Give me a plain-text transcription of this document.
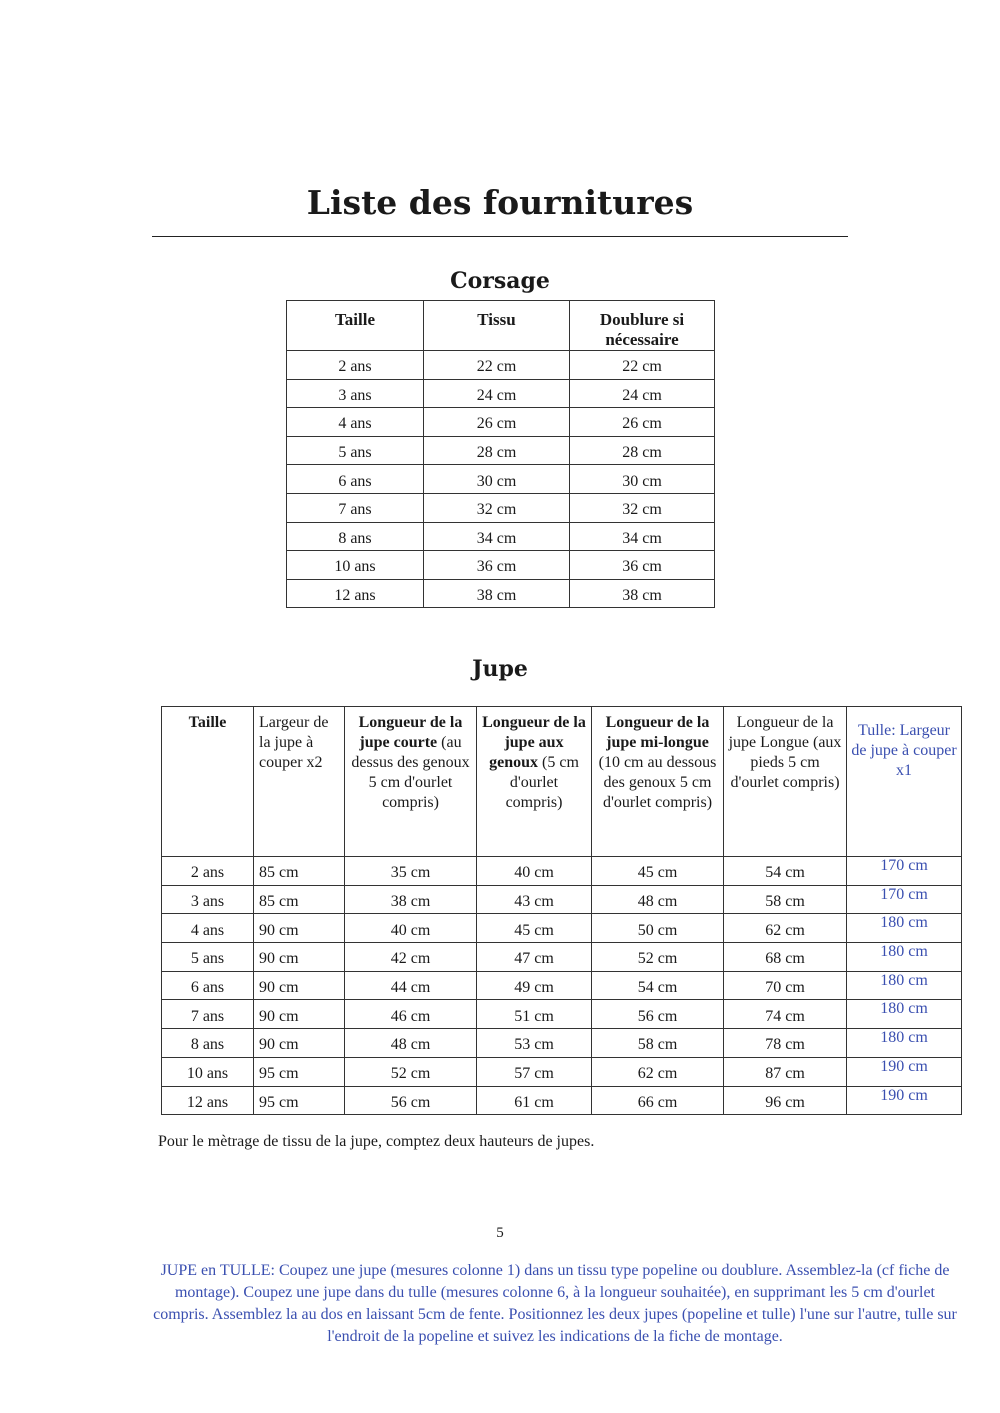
Liste des fournitures
Corsage
Taille	Tissu	Doublure si nécessaire
2 ans	22 cm	22 cm
3 ans	24 cm	24 cm
4 ans	26 cm	26 cm
5 ans	28 cm	28 cm
6 ans	30 cm	30 cm
7 ans	32 cm	32 cm
8 ans	34 cm	34 cm
10 ans	36 cm	36 cm
12 ans	38 cm	38 cm
Jupe
Taille	Largeur de la jupe à couper x2	Longueur de la jupe courte (au dessus des genoux 5 cm d'ourlet compris)	Longueur de la jupe aux genoux (5 cm d'ourlet compris)	Longueur de la jupe mi-longue (10 cm au dessous des genoux 5 cm d'ourlet compris)	Longueur de la jupe Longue (aux pieds 5 cm d'ourlet compris)	Tulle: Largeur de jupe à couper x1
2 ans	85 cm	35 cm	40 cm	45 cm	54 cm	170 cm
3 ans	85 cm	38 cm	43 cm	48 cm	58 cm	170 cm
4 ans	90 cm	40 cm	45 cm	50 cm	62 cm	180 cm
5 ans	90 cm	42 cm	47 cm	52 cm	68 cm	180 cm
6 ans	90 cm	44 cm	49 cm	54 cm	70 cm	180 cm
7 ans	90 cm	46 cm	51 cm	56 cm	74 cm	180 cm
8 ans	90 cm	48 cm	53 cm	58 cm	78 cm	180 cm
10 ans	95 cm	52 cm	57 cm	62 cm	87 cm	190 cm
12 ans	95 cm	56 cm	61 cm	66 cm	96 cm	190 cm

Pour le mètrage de tissu de la jupe, comptez deux hauteurs de jupes.

5

JUPE en TULLE: Coupez une jupe (mesures colonne 1) dans un tissu type popeline ou doublure. Assemblez-la (cf fiche de montage). Coupez une jupe dans du tulle (mesures colonne 6, à la longueur souhaitée), en supprimant les 5 cm d'ourlet compris. Assemblez la au dos en laissant 5cm de fente. Positionnez les deux jupes (popeline et tulle) l'une sur l'autre, tulle sur l'endroit de la popeline et suivez les indications de la fiche de montage.
